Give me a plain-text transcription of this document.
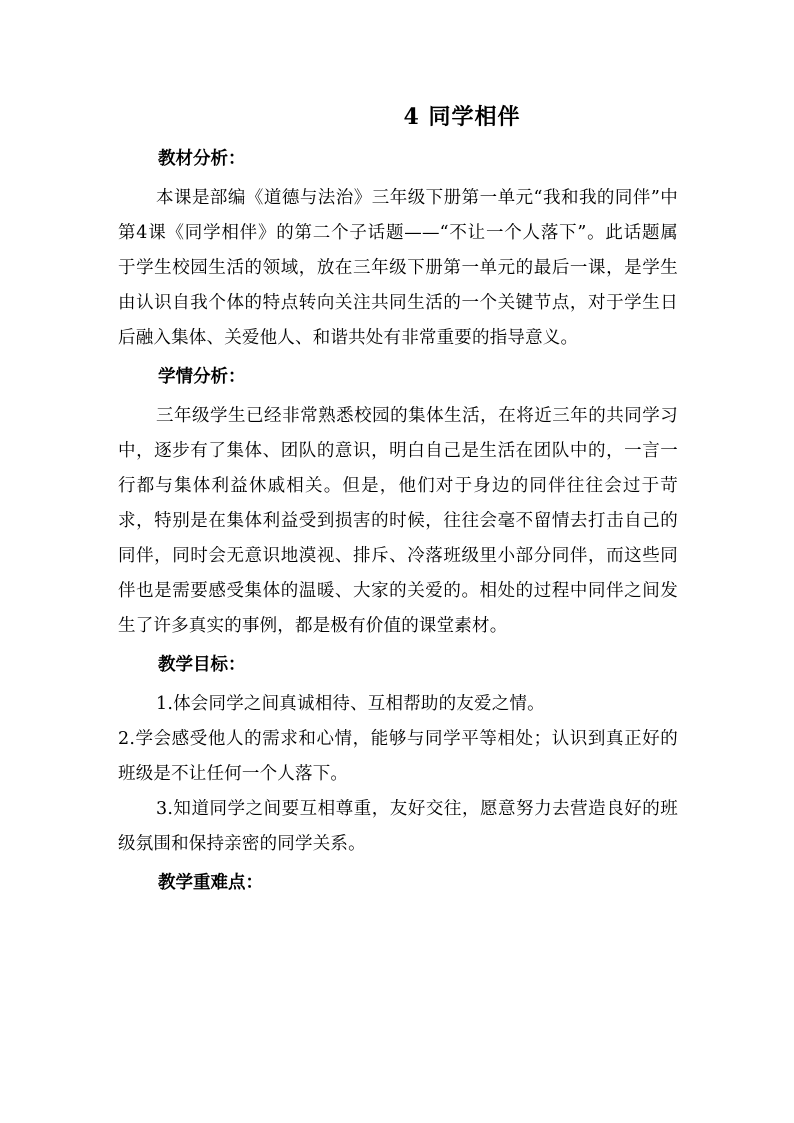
4 同学相伴

教材分析：

本课是部编《道德与法治》三年级下册第一单元“我和我的同伴”中第4课《同学相伴》的第二个子话题——“不让一个人落下”。此话题属于学生校园生活的领域，放在三年级下册第一单元的最后一课，是学生由认识自我个体的特点转向关注共同生活的一个关键节点，对于学生日后融入集体、关爱他人、和谐共处有非常重要的指导意义。

学情分析：

三年级学生已经非常熟悉校园的集体生活，在将近三年的共同学习中，逐步有了集体、团队的意识，明白自己是生活在团队中的，一言一行都与集体利益休戚相关。但是，他们对于身边的同伴往往会过于苛求，特别是在集体利益受到损害的时候，往往会毫不留情去打击自己的同伴，同时会无意识地漠视、排斥、冷落班级里小部分同伴，而这些同伴也是需要感受集体的温暖、大家的关爱的。相处的过程中同伴之间发生了许多真实的事例，都是极有价值的课堂素材。

教学目标：

1.体会同学之间真诚相待、互相帮助的友爱之情。

2.学会感受他人的需求和心情，能够与同学平等相处；认识到真正好的班级是不让任何一个人落下。

3.知道同学之间要互相尊重，友好交往，愿意努力去营造良好的班级氛围和保持亲密的同学关系。

教学重难点：
